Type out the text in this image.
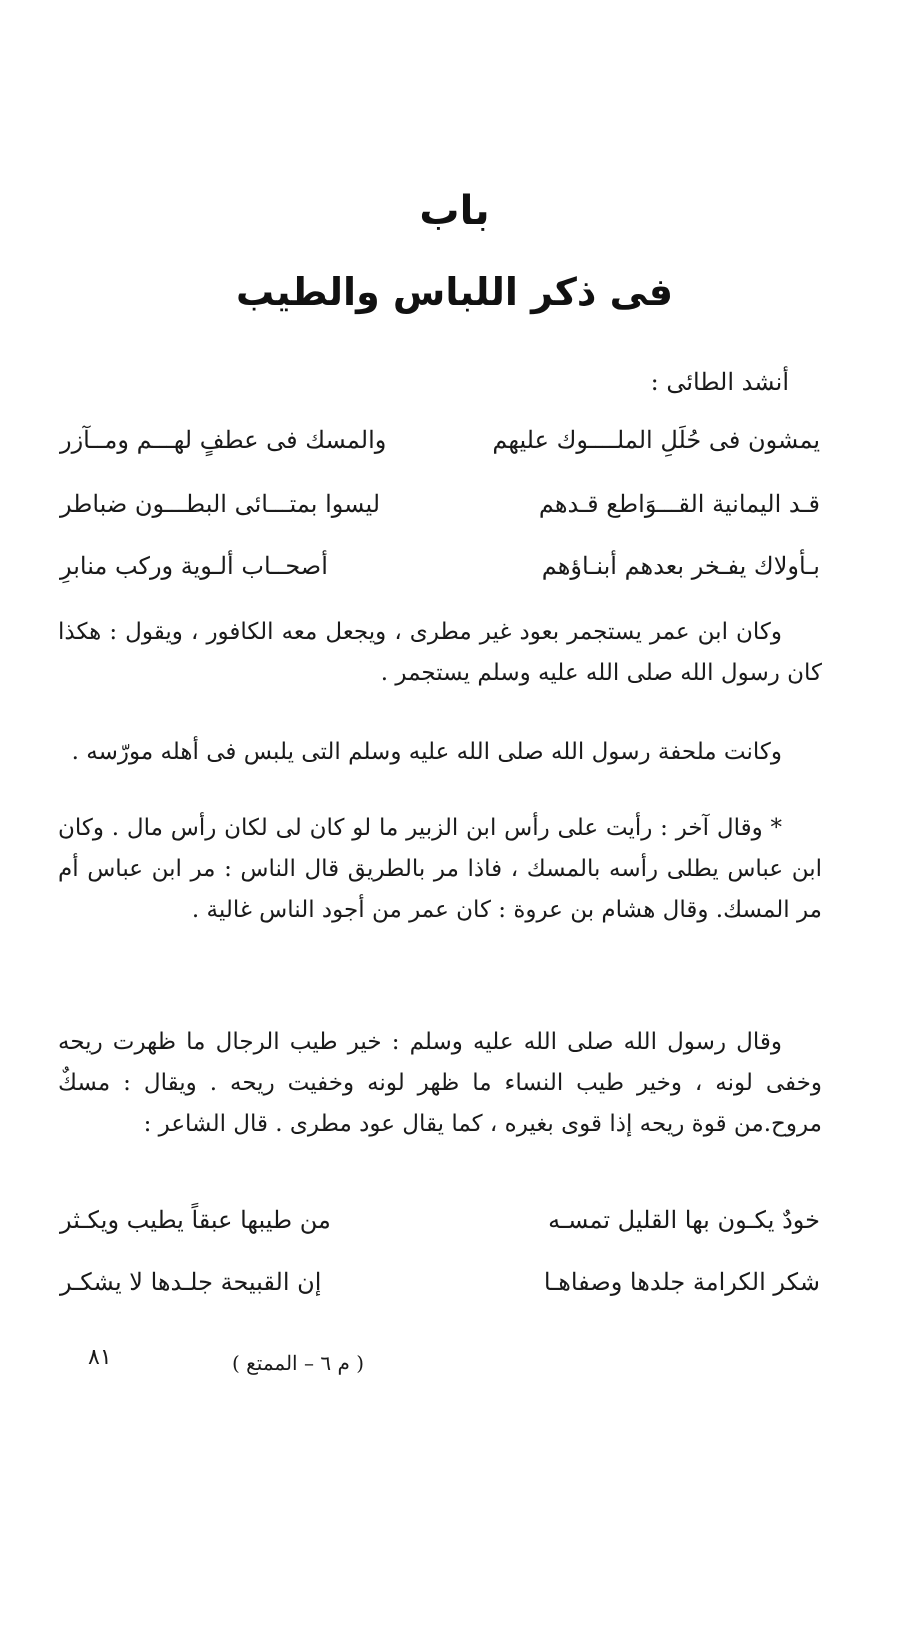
باب
فى ذكر اللباس والطيب
أنشد الطائى :
يمشون فى حُلَلِ الملــــوك عليهم
والمسك فى عطفٍ لهـــم ومــآزر
قـد اليمانية القـــوَاطع قـدهم
ليسوا بمتـــائى البطـــون ضباطر
بـأولاك يفـخر بعدهم أبنـاؤهم
أصحــاب ألـوية وركب منابرِ
وكان ابن عمر يستجمر بعود غير مطرى ، ويجعل معه الكافور ، ويقول : هكذا كان رسول الله صلى الله عليه وسلم يستجمر .
وكانت ملحفة رسول الله صلى الله عليه وسلم التى يلبس فى أهله مورّسه .
* وقال آخر : رأيت على رأس ابن الزبير ما لو كان لى لكان رأس مال . وكان ابن عباس يطلى رأسه بالمسك ، فاذا مر بالطريق قال الناس : مر ابن عباس أم مر المسك. وقال هشام بن عروة : كان عمر من أجود الناس غالية .
وقال رسول الله صلى الله عليه وسلم : خير طيب الرجال ما ظهرت ريحه وخفى لونه ، وخير طيب النساء ما ظهر لونه وخفيت ريحه . ويقال : مسكٌ مروح.من قوة ريحه إذا قوى بغيره ، كما يقال عود مطرى . قال الشاعر :
خودٌ يكـون بها القليل تمسـه
من طيبها عبقاً يطيب ويكـثر
شكر الكرامة جلدها وصفاهـا
إن القبيحة جلـدها لا يشكـر
٨١	( م ٦ – الممتع )
